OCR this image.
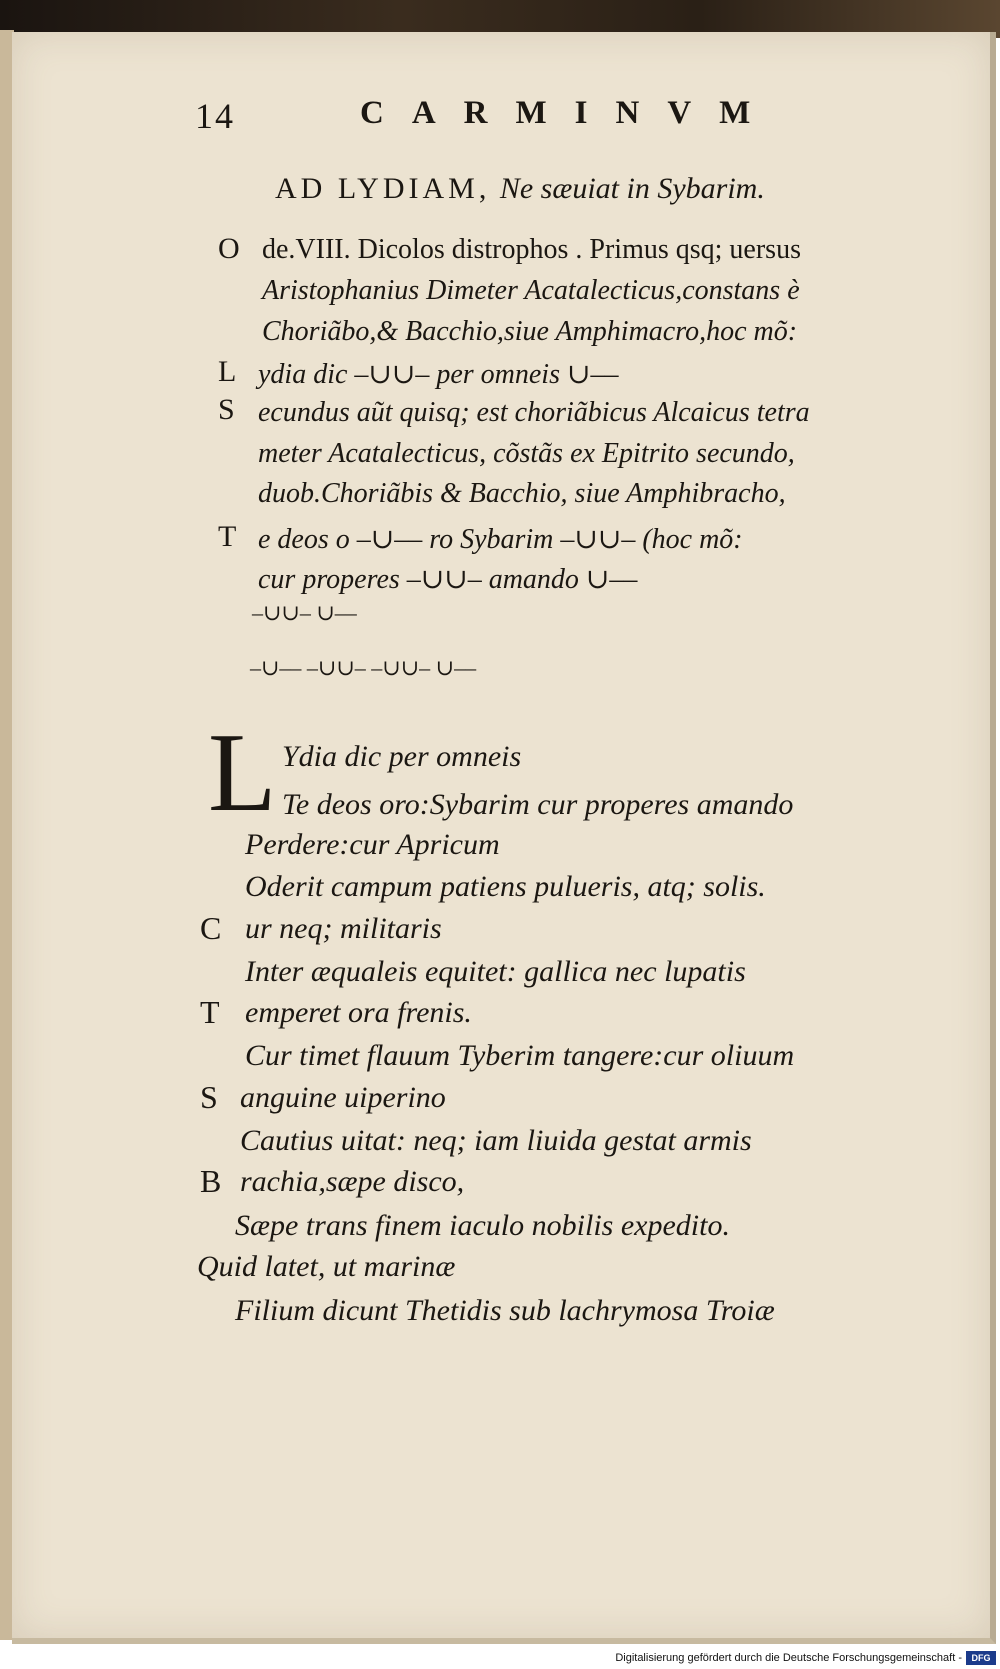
14	CARMINVM
AD LYDIAM, Ne sæuiat in Sybarim.
O de.VIII. Dicolos distrophos . Primus qsq; uersus
Aristophanius Dimeter Acatalecticus,constans è
Choriãbo,& Bacchio,siue Amphimacro,hoc mõ:
L ydia dic –∪∪– per omneis ∪––
S ecundus aũt quisq; est choriãbicus Alcaicus tetra
meter Acatalecticus, cõstãs ex Epitrito secundo,
duob.Choriãbis & Bacchio, siue Amphibracho,
T e deos o –∪–– ro Sybarim –∪∪– (hoc mõ:
cur properes –∪∪– amando ∪––
–∪∪– ∪––
–∪–– –∪∪– –∪∪– ∪––
L Ydia dic per omneis
Te deos oro:Sybarim cur properes amando
Perdere:cur Apricum
Oderit campum patiens pulueris, atq; solis.
C ur neq; militaris
Inter æqualeis equitet: gallica nec lupatis
T emperet ora frenis.
Cur timet flauum Tyberim tangere:cur oliuum
S anguine uiperino
Cautius uitat: neq; iam liuida gestat armis
B rachia,sæpe disco,
Sæpe trans finem iaculo nobilis expedito.
Quid latet, ut marinæ
Filium dicunt Thetidis sub lachrymosa Troiæ
Digitalisierung gefördert durch die Deutsche Forschungsgemeinschaft -	DFG
